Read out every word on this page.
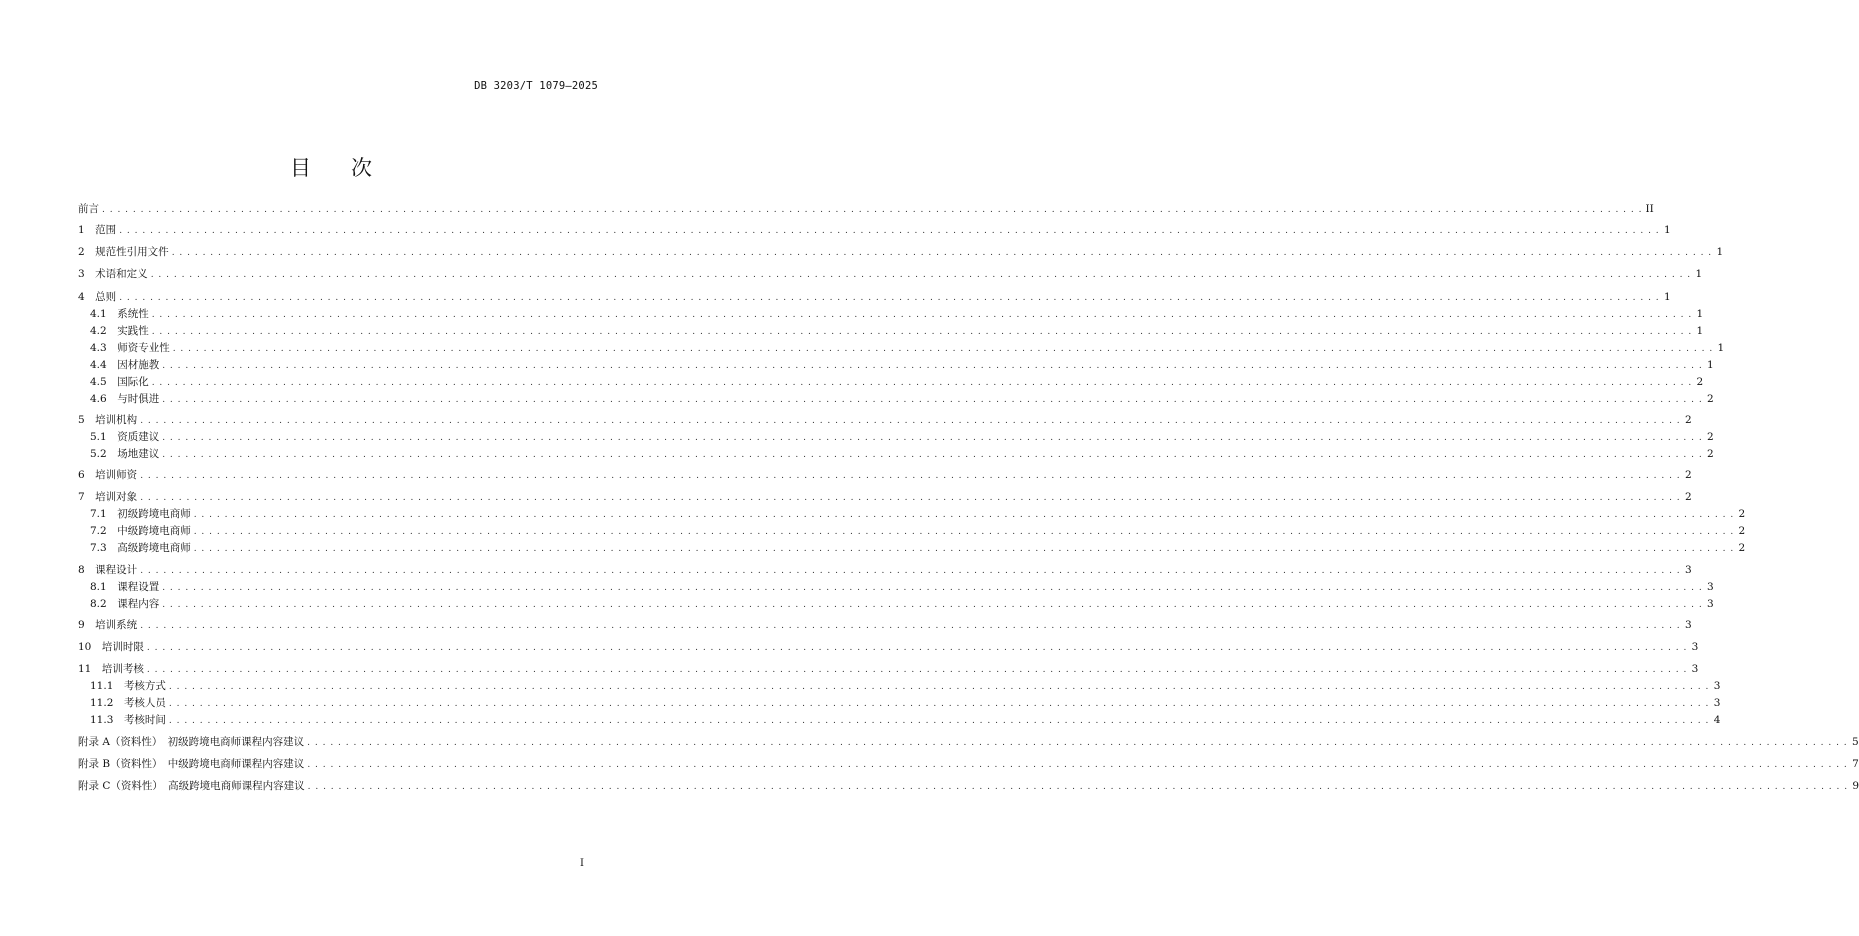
DB 3203/T 1079—2025
目 次
前言 . . . . . . . . . . . . . . . . . . . . . . . . . . . . . . . . . . . . . . . . . . . . . . . . . . . . . . . . . . . . . . . . . . . . . . . . . . . . . . . . . . . . . . . . . . . . . . . . . . . . . . . . . . . . . . . . . . . . . . . . . . . . . . . . . . . . . . . . . . . . . . . . . . . . . . . . . . . . . . . . . . . . . . . . . . . . . . . . . . . . . . . . . . . . . . . . . . . . . . . . II
1　范围 . . . . . . . . . . . . . . . . . . . . . . . . . . . . . . . . . . . . . . . . . . . . . . . . . . . . . . . . . . . . . . . . . . . . . . . . . . . . . . . . . . . . . . . . . . . . . . . . . . . . . . . . . . . . . . . . . . . . . . . . . . . . . . . . . . . . . . . . . . . . . . . . . . . . . . . . . . . . . . . . . . . . . . . . . . . . . . . . . . . . . . . . . . . . . . . . . . . . . . . . 1
2　规范性引用文件 . . . . . . . . . . . . . . . . . . . . . . . . . . . . . . . . . . . . . . . . . . . . . . . . . . . . . . . . . . . . . . . . . . . . . . . . . . . . . . . . . . . . . . . . . . . . . . . . . . . . . . . . . . . . . . . . . . . . . . . . . . . . . . . . . . . . . . . . . . . . . . . . . . . . . . . . . . . . . . . . . . . . . . . . . . . . . . . . . . . . . . . . . . . . . . . . . . . . . . . . 1
3　术语和定义 . . . . . . . . . . . . . . . . . . . . . . . . . . . . . . . . . . . . . . . . . . . . . . . . . . . . . . . . . . . . . . . . . . . . . . . . . . . . . . . . . . . . . . . . . . . . . . . . . . . . . . . . . . . . . . . . . . . . . . . . . . . . . . . . . . . . . . . . . . . . . . . . . . . . . . . . . . . . . . . . . . . . . . . . . . . . . . . . . . . . . . . . . . . . . . . . . . . . . . . . 1
4　总则 . . . . . . . . . . . . . . . . . . . . . . . . . . . . . . . . . . . . . . . . . . . . . . . . . . . . . . . . . . . . . . . . . . . . . . . . . . . . . . . . . . . . . . . . . . . . . . . . . . . . . . . . . . . . . . . . . . . . . . . . . . . . . . . . . . . . . . . . . . . . . . . . . . . . . . . . . . . . . . . . . . . . . . . . . . . . . . . . . . . . . . . . . . . . . . . . . . . . . . . . 1
4.1　系统性 . . . . . . . . . . . . . . . . . . . . . . . . . . . . . . . . . . . . . . . . . . . . . . . . . . . . . . . . . . . . . . . . . . . . . . . . . . . . . . . . . . . . . . . . . . . . . . . . . . . . . . . . . . . . . . . . . . . . . . . . . . . . . . . . . . . . . . . . . . . . . . . . . . . . . . . . . . . . . . . . . . . . . . . . . . . . . . . . . . . . . . . . . . . . . . . . . . . . . . . . 1
4.2　实践性 . . . . . . . . . . . . . . . . . . . . . . . . . . . . . . . . . . . . . . . . . . . . . . . . . . . . . . . . . . . . . . . . . . . . . . . . . . . . . . . . . . . . . . . . . . . . . . . . . . . . . . . . . . . . . . . . . . . . . . . . . . . . . . . . . . . . . . . . . . . . . . . . . . . . . . . . . . . . . . . . . . . . . . . . . . . . . . . . . . . . . . . . . . . . . . . . . . . . . . . . 1
4.3　师资专业性 . . . . . . . . . . . . . . . . . . . . . . . . . . . . . . . . . . . . . . . . . . . . . . . . . . . . . . . . . . . . . . . . . . . . . . . . . . . . . . . . . . . . . . . . . . . . . . . . . . . . . . . . . . . . . . . . . . . . . . . . . . . . . . . . . . . . . . . . . . . . . . . . . . . . . . . . . . . . . . . . . . . . . . . . . . . . . . . . . . . . . . . . . . . . . . . . . . . . . . . . 1
4.4　因材施教 . . . . . . . . . . . . . . . . . . . . . . . . . . . . . . . . . . . . . . . . . . . . . . . . . . . . . . . . . . . . . . . . . . . . . . . . . . . . . . . . . . . . . . . . . . . . . . . . . . . . . . . . . . . . . . . . . . . . . . . . . . . . . . . . . . . . . . . . . . . . . . . . . . . . . . . . . . . . . . . . . . . . . . . . . . . . . . . . . . . . . . . . . . . . . . . . . . . . . . . . 1
4.5　国际化 . . . . . . . . . . . . . . . . . . . . . . . . . . . . . . . . . . . . . . . . . . . . . . . . . . . . . . . . . . . . . . . . . . . . . . . . . . . . . . . . . . . . . . . . . . . . . . . . . . . . . . . . . . . . . . . . . . . . . . . . . . . . . . . . . . . . . . . . . . . . . . . . . . . . . . . . . . . . . . . . . . . . . . . . . . . . . . . . . . . . . . . . . . . . . . . . . . . . . . . . 2
4.6　与时俱进 . . . . . . . . . . . . . . . . . . . . . . . . . . . . . . . . . . . . . . . . . . . . . . . . . . . . . . . . . . . . . . . . . . . . . . . . . . . . . . . . . . . . . . . . . . . . . . . . . . . . . . . . . . . . . . . . . . . . . . . . . . . . . . . . . . . . . . . . . . . . . . . . . . . . . . . . . . . . . . . . . . . . . . . . . . . . . . . . . . . . . . . . . . . . . . . . . . . . . . . . 2
5　培训机构 . . . . . . . . . . . . . . . . . . . . . . . . . . . . . . . . . . . . . . . . . . . . . . . . . . . . . . . . . . . . . . . . . . . . . . . . . . . . . . . . . . . . . . . . . . . . . . . . . . . . . . . . . . . . . . . . . . . . . . . . . . . . . . . . . . . . . . . . . . . . . . . . . . . . . . . . . . . . . . . . . . . . . . . . . . . . . . . . . . . . . . . . . . . . . . . . . . . . . . . . 2
5.1　资质建议 . . . . . . . . . . . . . . . . . . . . . . . . . . . . . . . . . . . . . . . . . . . . . . . . . . . . . . . . . . . . . . . . . . . . . . . . . . . . . . . . . . . . . . . . . . . . . . . . . . . . . . . . . . . . . . . . . . . . . . . . . . . . . . . . . . . . . . . . . . . . . . . . . . . . . . . . . . . . . . . . . . . . . . . . . . . . . . . . . . . . . . . . . . . . . . . . . . . . . . . . 2
5.2　场地建议 . . . . . . . . . . . . . . . . . . . . . . . . . . . . . . . . . . . . . . . . . . . . . . . . . . . . . . . . . . . . . . . . . . . . . . . . . . . . . . . . . . . . . . . . . . . . . . . . . . . . . . . . . . . . . . . . . . . . . . . . . . . . . . . . . . . . . . . . . . . . . . . . . . . . . . . . . . . . . . . . . . . . . . . . . . . . . . . . . . . . . . . . . . . . . . . . . . . . . . . . 2
6　培训师资 . . . . . . . . . . . . . . . . . . . . . . . . . . . . . . . . . . . . . . . . . . . . . . . . . . . . . . . . . . . . . . . . . . . . . . . . . . . . . . . . . . . . . . . . . . . . . . . . . . . . . . . . . . . . . . . . . . . . . . . . . . . . . . . . . . . . . . . . . . . . . . . . . . . . . . . . . . . . . . . . . . . . . . . . . . . . . . . . . . . . . . . . . . . . . . . . . . . . . . . . 2
7　培训对象 . . . . . . . . . . . . . . . . . . . . . . . . . . . . . . . . . . . . . . . . . . . . . . . . . . . . . . . . . . . . . . . . . . . . . . . . . . . . . . . . . . . . . . . . . . . . . . . . . . . . . . . . . . . . . . . . . . . . . . . . . . . . . . . . . . . . . . . . . . . . . . . . . . . . . . . . . . . . . . . . . . . . . . . . . . . . . . . . . . . . . . . . . . . . . . . . . . . . . . . . 2
7.1　初级跨境电商师 . . . . . . . . . . . . . . . . . . . . . . . . . . . . . . . . . . . . . . . . . . . . . . . . . . . . . . . . . . . . . . . . . . . . . . . . . . . . . . . . . . . . . . . . . . . . . . . . . . . . . . . . . . . . . . . . . . . . . . . . . . . . . . . . . . . . . . . . . . . . . . . . . . . . . . . . . . . . . . . . . . . . . . . . . . . . . . . . . . . . . . . . . . . . . . . . . . . . . . . . 2
7.2　中级跨境电商师 . . . . . . . . . . . . . . . . . . . . . . . . . . . . . . . . . . . . . . . . . . . . . . . . . . . . . . . . . . . . . . . . . . . . . . . . . . . . . . . . . . . . . . . . . . . . . . . . . . . . . . . . . . . . . . . . . . . . . . . . . . . . . . . . . . . . . . . . . . . . . . . . . . . . . . . . . . . . . . . . . . . . . . . . . . . . . . . . . . . . . . . . . . . . . . . . . . . . . . . . 2
7.3　高级跨境电商师 . . . . . . . . . . . . . . . . . . . . . . . . . . . . . . . . . . . . . . . . . . . . . . . . . . . . . . . . . . . . . . . . . . . . . . . . . . . . . . . . . . . . . . . . . . . . . . . . . . . . . . . . . . . . . . . . . . . . . . . . . . . . . . . . . . . . . . . . . . . . . . . . . . . . . . . . . . . . . . . . . . . . . . . . . . . . . . . . . . . . . . . . . . . . . . . . . . . . . . . . 2
8　课程设计 . . . . . . . . . . . . . . . . . . . . . . . . . . . . . . . . . . . . . . . . . . . . . . . . . . . . . . . . . . . . . . . . . . . . . . . . . . . . . . . . . . . . . . . . . . . . . . . . . . . . . . . . . . . . . . . . . . . . . . . . . . . . . . . . . . . . . . . . . . . . . . . . . . . . . . . . . . . . . . . . . . . . . . . . . . . . . . . . . . . . . . . . . . . . . . . . . . . . . . . . 3
8.1　课程设置 . . . . . . . . . . . . . . . . . . . . . . . . . . . . . . . . . . . . . . . . . . . . . . . . . . . . . . . . . . . . . . . . . . . . . . . . . . . . . . . . . . . . . . . . . . . . . . . . . . . . . . . . . . . . . . . . . . . . . . . . . . . . . . . . . . . . . . . . . . . . . . . . . . . . . . . . . . . . . . . . . . . . . . . . . . . . . . . . . . . . . . . . . . . . . . . . . . . . . . . . 3
8.2　课程内容 . . . . . . . . . . . . . . . . . . . . . . . . . . . . . . . . . . . . . . . . . . . . . . . . . . . . . . . . . . . . . . . . . . . . . . . . . . . . . . . . . . . . . . . . . . . . . . . . . . . . . . . . . . . . . . . . . . . . . . . . . . . . . . . . . . . . . . . . . . . . . . . . . . . . . . . . . . . . . . . . . . . . . . . . . . . . . . . . . . . . . . . . . . . . . . . . . . . . . . . . 3
9　培训系统 . . . . . . . . . . . . . . . . . . . . . . . . . . . . . . . . . . . . . . . . . . . . . . . . . . . . . . . . . . . . . . . . . . . . . . . . . . . . . . . . . . . . . . . . . . . . . . . . . . . . . . . . . . . . . . . . . . . . . . . . . . . . . . . . . . . . . . . . . . . . . . . . . . . . . . . . . . . . . . . . . . . . . . . . . . . . . . . . . . . . . . . . . . . . . . . . . . . . . . . . 3
10　培训时限 . . . . . . . . . . . . . . . . . . . . . . . . . . . . . . . . . . . . . . . . . . . . . . . . . . . . . . . . . . . . . . . . . . . . . . . . . . . . . . . . . . . . . . . . . . . . . . . . . . . . . . . . . . . . . . . . . . . . . . . . . . . . . . . . . . . . . . . . . . . . . . . . . . . . . . . . . . . . . . . . . . . . . . . . . . . . . . . . . . . . . . . . . . . . . . . . . . . . . . . . 3
11　培训考核 . . . . . . . . . . . . . . . . . . . . . . . . . . . . . . . . . . . . . . . . . . . . . . . . . . . . . . . . . . . . . . . . . . . . . . . . . . . . . . . . . . . . . . . . . . . . . . . . . . . . . . . . . . . . . . . . . . . . . . . . . . . . . . . . . . . . . . . . . . . . . . . . . . . . . . . . . . . . . . . . . . . . . . . . . . . . . . . . . . . . . . . . . . . . . . . . . . . . . . . . 3
11.1　考核方式 . . . . . . . . . . . . . . . . . . . . . . . . . . . . . . . . . . . . . . . . . . . . . . . . . . . . . . . . . . . . . . . . . . . . . . . . . . . . . . . . . . . . . . . . . . . . . . . . . . . . . . . . . . . . . . . . . . . . . . . . . . . . . . . . . . . . . . . . . . . . . . . . . . . . . . . . . . . . . . . . . . . . . . . . . . . . . . . . . . . . . . . . . . . . . . . . . . . . . . . . 3
11.2　考核人员 . . . . . . . . . . . . . . . . . . . . . . . . . . . . . . . . . . . . . . . . . . . . . . . . . . . . . . . . . . . . . . . . . . . . . . . . . . . . . . . . . . . . . . . . . . . . . . . . . . . . . . . . . . . . . . . . . . . . . . . . . . . . . . . . . . . . . . . . . . . . . . . . . . . . . . . . . . . . . . . . . . . . . . . . . . . . . . . . . . . . . . . . . . . . . . . . . . . . . . . . 3
11.3　考核时间 . . . . . . . . . . . . . . . . . . . . . . . . . . . . . . . . . . . . . . . . . . . . . . . . . . . . . . . . . . . . . . . . . . . . . . . . . . . . . . . . . . . . . . . . . . . . . . . . . . . . . . . . . . . . . . . . . . . . . . . . . . . . . . . . . . . . . . . . . . . . . . . . . . . . . . . . . . . . . . . . . . . . . . . . . . . . . . . . . . . . . . . . . . . . . . . . . . . . . . . . 4
附录 A（资料性）　初级跨境电商师课程内容建议 . . . . . . . . . . . . . . . . . . . . . . . . . . . . . . . . . . . . . . . . . . . . . . . . . . . . . . . . . . . . . . . . . . . . . . . . . . . . . . . . . . . . . . . . . . . . . . . . . . . . . . . . . . . . . . . . . . . . . . . . . . . . . . . . . . . . . . . . . . . . . . . . . . . . . . . . . . . . . . . . . . . . . . . . . . . . . . . . . . . . . . . . . . . . . . . . . . . . . . . . 5
附录 B（资料性）　中级跨境电商师课程内容建议 . . . . . . . . . . . . . . . . . . . . . . . . . . . . . . . . . . . . . . . . . . . . . . . . . . . . . . . . . . . . . . . . . . . . . . . . . . . . . . . . . . . . . . . . . . . . . . . . . . . . . . . . . . . . . . . . . . . . . . . . . . . . . . . . . . . . . . . . . . . . . . . . . . . . . . . . . . . . . . . . . . . . . . . . . . . . . . . . . . . . . . . . . . . . . . . . . . . . . . . . 7
附录 C（资料性）　高级跨境电商师课程内容建议 . . . . . . . . . . . . . . . . . . . . . . . . . . . . . . . . . . . . . . . . . . . . . . . . . . . . . . . . . . . . . . . . . . . . . . . . . . . . . . . . . . . . . . . . . . . . . . . . . . . . . . . . . . . . . . . . . . . . . . . . . . . . . . . . . . . . . . . . . . . . . . . . . . . . . . . . . . . . . . . . . . . . . . . . . . . . . . . . . . . . . . . . . . . . . . . . . . . . . . . . 9
I
